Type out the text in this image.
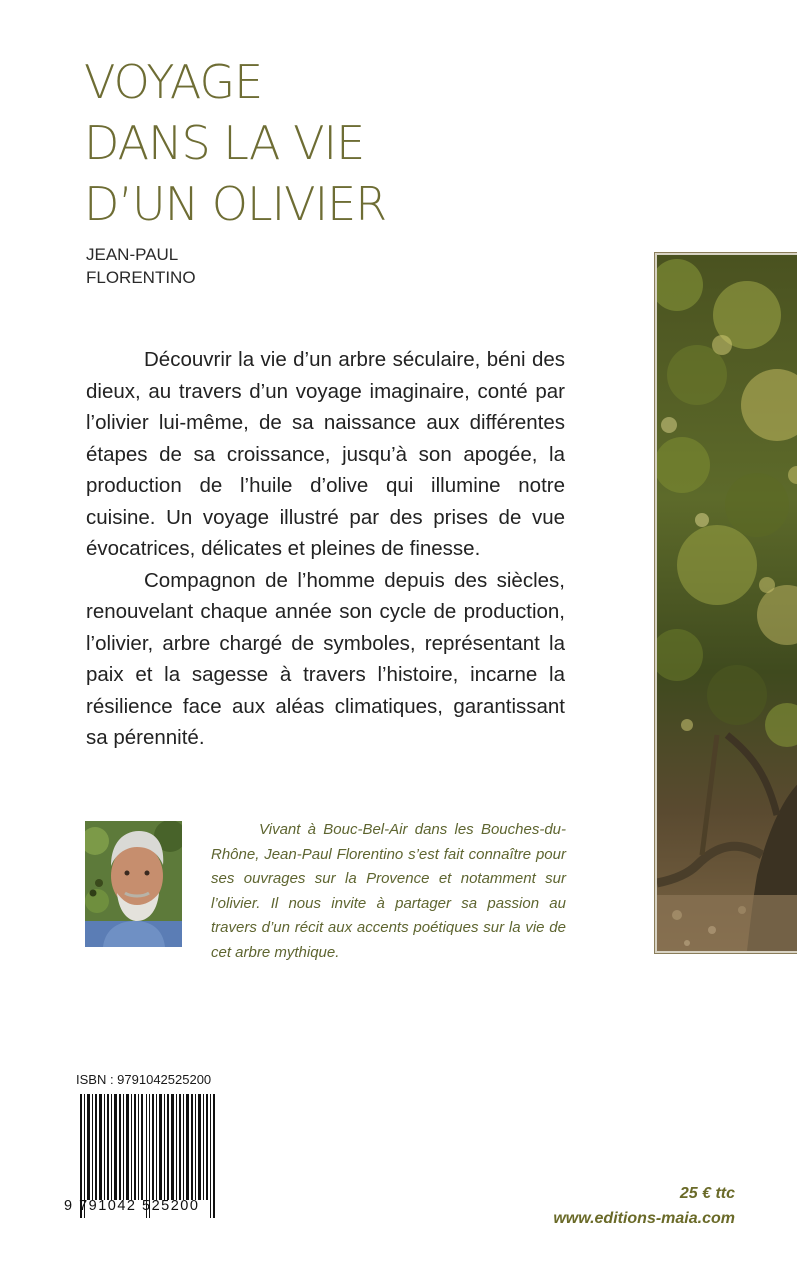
VOYAGE
DANS LA VIE
D’UN OLIVIER
JEAN-PAUL
FLORENTINO

Découvrir la vie d’un arbre séculaire, béni des dieux, au travers d’un voyage imaginaire, conté par l’olivier lui-même, de sa naissance aux différentes étapes de sa croissance, jusqu’à son apogée, la production de l’huile d’olive qui illumine notre cuisine. Un voyage illustré par des prises de vue évocatrices, délicates et pleines de finesse.

Compagnon de l’homme depuis des siècles, renouvelant chaque année son cycle de production, l’olivier, arbre chargé de symboles, représentant la paix et la sagesse à travers l’histoire, incarne la résilience face aux aléas climatiques, garantissant sa pérennité.

Vivant à Bouc-Bel-Air dans les Bouches-du-Rhône, Jean-Paul Florentino s’est fait connaître pour ses ouvrages sur la Provence et notamment sur l’olivier. Il nous invite à partager sa passion au travers d’un récit aux accents poétiques sur la vie de cet arbre mythique.
ISBN : 9791042525200
9 791042 525200
25 € ttc
www.editions-maia.com
